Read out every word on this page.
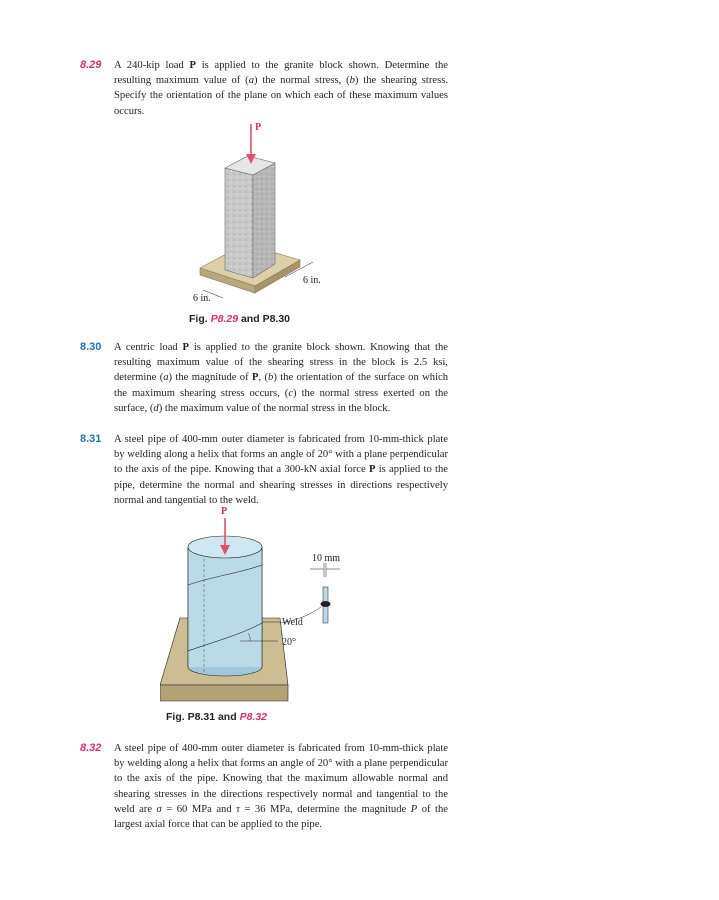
8.29 A 240-kip load P is applied to the granite block shown. Determine the resulting maximum value of (a) the normal stress, (b) the shearing stress. Specify the orientation of the plane on which each of these maximum values occurs.
P
6 in.
6 in.
Fig. P8.29 and P8.30
8.30 A centric load P is applied to the granite block shown. Knowing that the resulting maximum value of the shearing stress in the block is 2.5 ksi, determine (a) the magnitude of P, (b) the orientation of the surface on which the maximum shearing stress occurs, (c) the normal stress exerted on the surface, (d) the maximum value of the normal stress in the block.
8.31 A steel pipe of 400-mm outer diameter is fabricated from 10-mm-thick plate by welding along a helix that forms an angle of 20° with a plane perpendicular to the axis of the pipe. Knowing that a 300-kN axial force P is applied to the pipe, determine the normal and shearing stresses in directions respectively normal and tangential to the weld.
20°
Weld
P
10 mm
Fig. P8.31 and P8.32
8.32 A steel pipe of 400-mm outer diameter is fabricated from 10-mm-thick plate by welding along a helix that forms an angle of 20° with a plane perpendicular to the axis of the pipe. Knowing that the maximum allowable normal and shearing stresses in the directions respectively normal and tangential to the weld are σ = 60 MPa and τ = 36 MPa, determine the magnitude P of the largest axial force that can be applied to the pipe.
